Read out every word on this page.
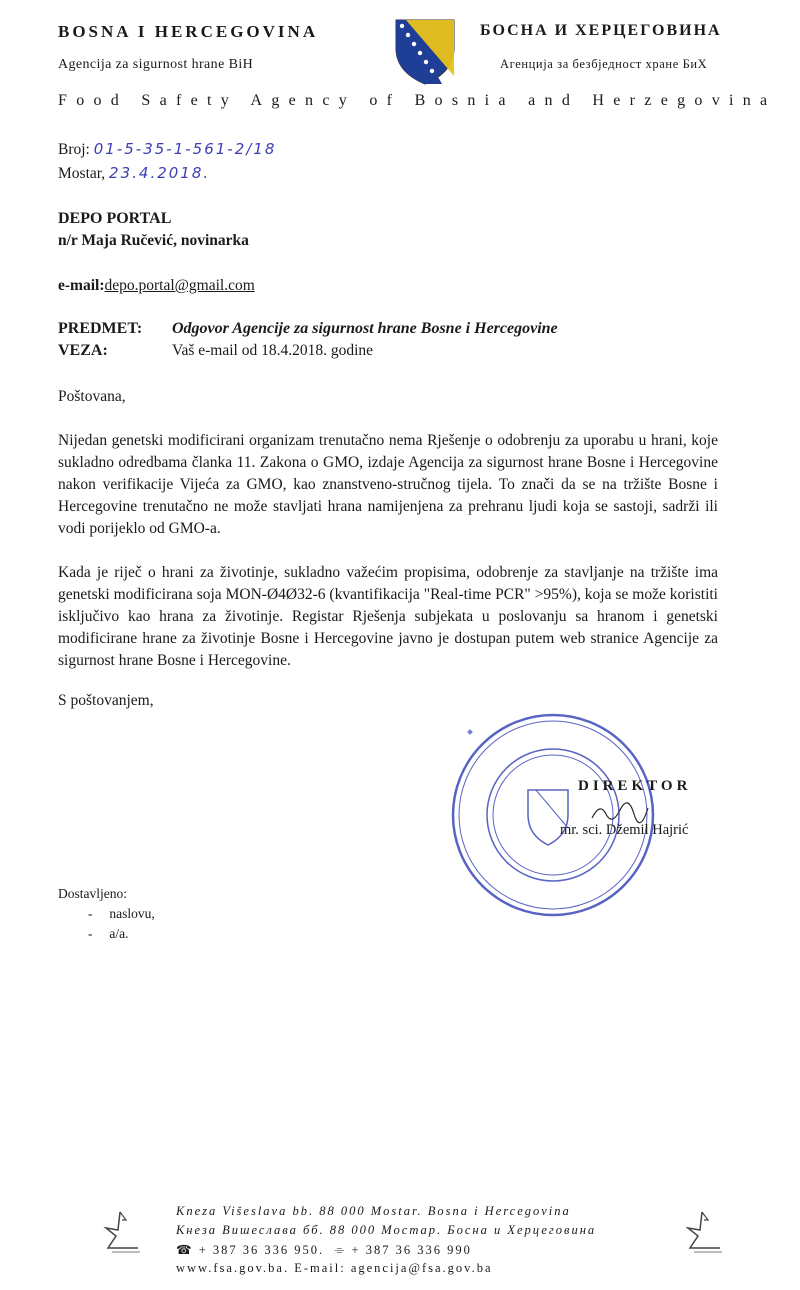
BOSNA I HERCEGOVINA
Agencija za sigurnost hrane BiH
БОСНА И ХЕРЦЕГОВИНА
Агенција за безбједност хране БиХ
Food Safety Agency of Bosnia and Herzegovina
Broj: 01-5-35-1-561-2/18
Mostar, 23.4.2018.
DEPO PORTAL
n/r Maja Ručević, novinarka
e-mail:depo.portal@gmail.com
PREDMET: Odgovor Agencije za sigurnost hrane Bosne i Hercegovine
VEZA:	Vaš e-mail od 18.4.2018. godine
Poštovana,
Nijedan genetski modificirani organizam trenutačno nema Rješenje o odobrenju za uporabu u hrani, koje sukladno odredbama članka 11. Zakona o GMO, izdaje Agencija za sigurnost hrane Bosne i Hercegovine nakon verifikacije Vijeća za GMO, kao znanstveno-stručnog tijela. To znači da se na tržište Bosne i Hercegovine trenutačno ne može stavljati hrana namijenjena za prehranu ljudi koja se sastoji, sadrži ili vodi porijeklo od GMO-a.
Kada je riječ o hrani za životinje, sukladno važećim propisima, odobrenje za stavljanje na tržište ima genetski modificirana soja MON-Ø4Ø32-6 (kvantifikacija "Real-time PCR" >95%), koja se može koristiti isključivo kao hrana za životinje. Registar Rješenja subjekata u poslovanju sa hranom i genetski modificirane hrane za životinje Bosne i Hercegovine javno je dostupan putem web stranice Agencije za sigurnost hrane Bosne i Hercegovine.
S poštovanjem,
DIREKTOR
mr. sci. Džemil Hajrić
Dostavljeno:
-     naslovu,
-     a/a.
Kneza Višeslava bb. 88 000 Mostar. Bosna i Hercegovina
Кнеза Вишеслава бб. 88 000 Мостар. Босна и Херцеговина
☎ + 387 36 336 950. ⌯ + 387 36 336 990
www.fsa.gov.ba. E-mail: agencija@fsa.gov.ba
